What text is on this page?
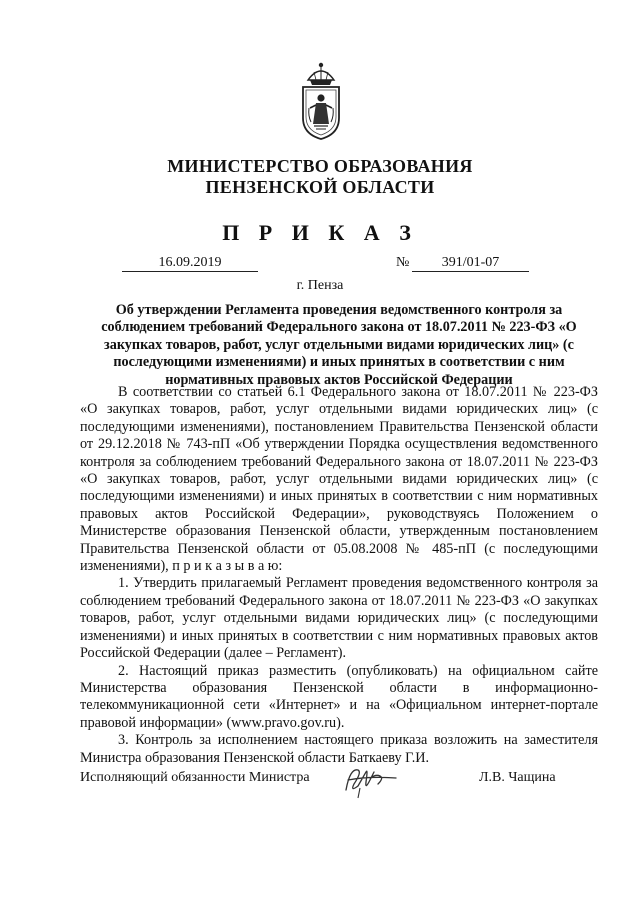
МИНИСТЕРСТВО ОБРАЗОВАНИЯ
ПЕНЗЕНСКОЙ ОБЛАСТИ
П Р И К А З
16.09.2019	№	391/01-07
г. Пенза
Об утверждении Регламента проведения ведомственного контроля за соблюдением требований Федерального закона от 18.07.2011 № 223-ФЗ «О закупках товаров, работ, услуг отдельными видами юридических лиц» (с последующими изменениями) и иных принятых в соответствии с ним нормативных правовых актов Российской Федерации

В соответствии со статьей 6.1 Федерального закона от 18.07.2011 № 223-ФЗ «О закупках товаров, работ, услуг отдельными видами юридических лиц» (с последующими изменениями), постановлением Правительства Пензенской области от 29.12.2018 № 743-пП «Об утверждении Порядка осуществления ведомственного контроля за соблюдением требований Федерального закона от 18.07.2011 № 223-ФЗ «О закупках товаров, работ, услуг отдельными видами юридических лиц» (с последующими изменениями) и иных принятых в соответствии с ним нормативных правовых актов Российской Федерации», руководствуясь Положением о Министерстве образования Пензенской области, утвержденным постановлением Правительства Пензенской области от 05.08.2008 № 485-пП (с последующими изменениями), п р и к а з ы в а ю:

1. Утвердить прилагаемый Регламент проведения ведомственного контроля за соблюдением требований Федерального закона от 18.07.2011 № 223-ФЗ «О закупках товаров, работ, услуг отдельными видами юридических лиц» (с последующими изменениями) и иных принятых в соответствии с ним нормативных правовых актов Российской Федерации (далее – Регламент).

2. Настоящий приказ разместить (опубликовать) на официальном сайте Министерства образования Пензенской области в информационно-телекоммуникационной сети «Интернет» и на «Официальном интернет-портале правовой информации» (www.pravo.gov.ru).

3. Контроль за исполнением настоящего приказа возложить на заместителя Министра образования Пензенской области Баткаеву Г.И.

Исполняющий обязанности Министра	Л.В. Чащина
